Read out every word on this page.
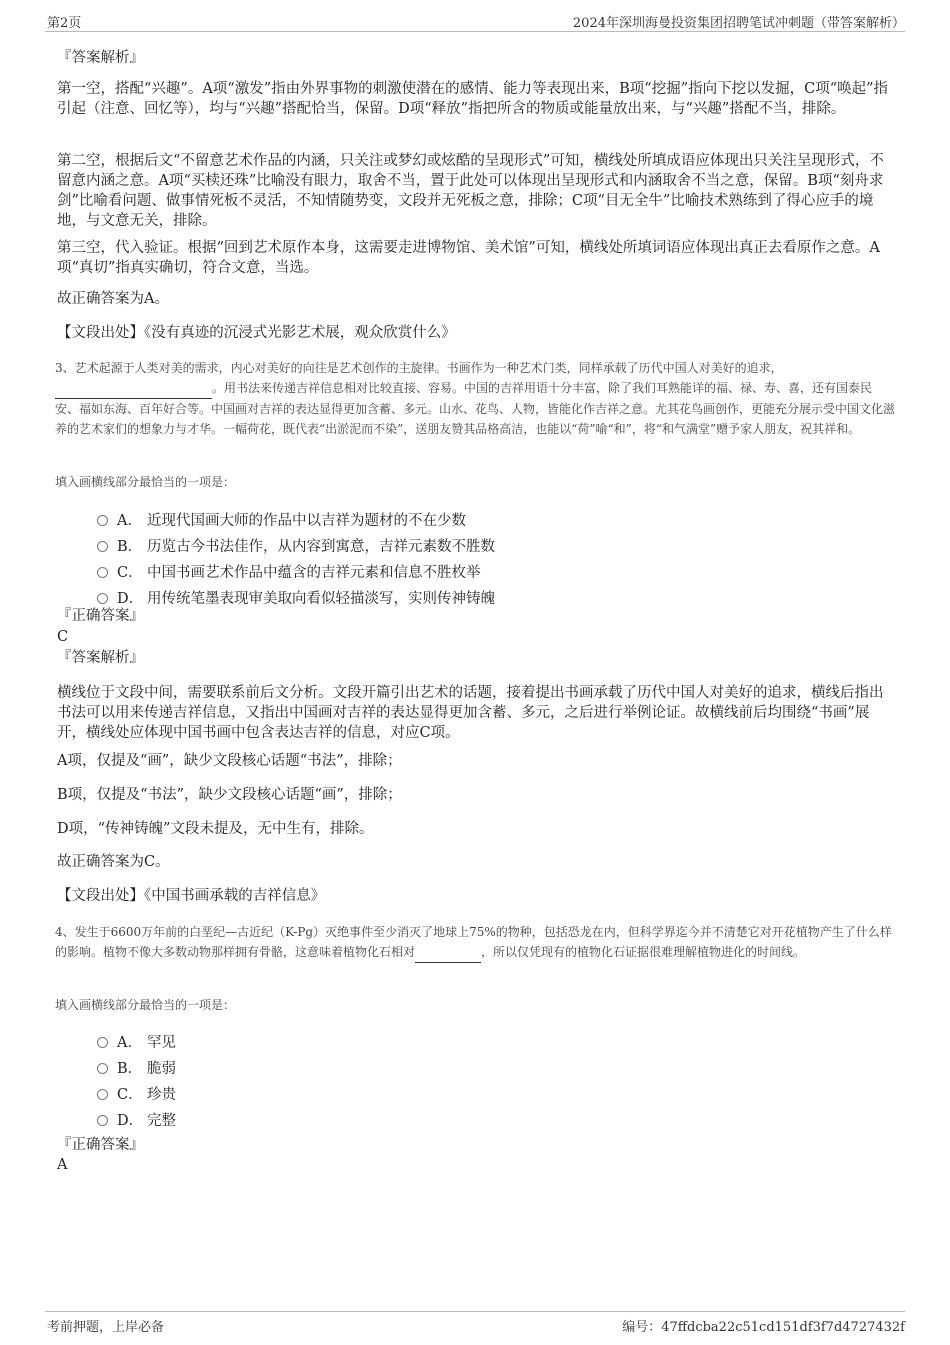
第2页	2024年深圳海曼投资集团招聘笔试冲刺题（带答案解析）
『答案解析』
第一空，搭配“兴趣”。A项“激发”指由外界事物的刺激使潜在的感情、能力等表现出来，B项“挖掘”指向下挖以发掘，C项“唤起”指引起（注意、回忆等），均与“兴趣”搭配恰当，保留。D项“释放”指把所含的物质或能量放出来，与“兴趣”搭配不当，排除。
第二空，根据后文“不留意艺术作品的内涵，只关注或梦幻或炫酷的呈现形式”可知，横线处所填成语应体现出只关注呈现形式，不留意内涵之意。A项“买椟还珠”比喻没有眼力，取舍不当，置于此处可以体现出呈现形式和内涵取舍不当之意，保留。B项“刻舟求剑”比喻看问题、做事情死板不灵活，不知情随势变，文段并无死板之意，排除；C项“目无全牛”比喻技术熟练到了得心应手的境地，与文意无关，排除。
第三空，代入验证。根据“回到艺术原作本身，这需要走进博物馆、美术馆”可知，横线处所填词语应体现出真正去看原作之意。A项“真切”指真实确切，符合文意，当选。
故正确答案为A。
【文段出处】《没有真迹的沉浸式光影艺术展，观众欣赏什么》
3、艺术起源于人类对美的需求，内心对美好的向往是艺术创作的主旋律。书画作为一种艺术门类，同样承载了历代中国人对美好的追求， 。用书法来传递吉祥信息相对比较直接、容易。中国的吉祥用语十分丰富，除了我们耳熟能详的福、禄、寿、喜，还有国泰民安、福如东海、百年好合等。中国画对吉祥的表达显得更加含蓄、多元。山水、花鸟、人物，皆能化作吉祥之意。尤其花鸟画创作，更能充分展示受中国文化滋养的艺术家们的想象力与才华。一幅荷花，既代表“出淤泥而不染”，送朋友赞其品格高洁，也能以“荷”喻“和”，将“和气满堂”赠予家人朋友，祝其祥和。
填入画横线部分最恰当的一项是：
A． 近现代国画大师的作品中以吉祥为题材的不在少数
B． 历览古今书法佳作，从内容到寓意，吉祥元素数不胜数
C． 中国书画艺术作品中蕴含的吉祥元素和信息不胜枚举
D． 用传统笔墨表现审美取向看似轻描淡写，实则传神铸魄
『正确答案』
C
『答案解析』
横线位于文段中间，需要联系前后文分析。文段开篇引出艺术的话题，接着提出书画承载了历代中国人对美好的追求，横线后指出书法可以用来传递吉祥信息，又指出中国画对吉祥的表达显得更加含蓄、多元，之后进行举例论证。故横线前后均围绕“书画”展开，横线处应体现中国书画中包含表达吉祥的信息，对应C项。
A项，仅提及“画”，缺少文段核心话题“书法”，排除；
B项，仅提及“书法”，缺少文段核心话题“画”，排除；
D项，“传神铸魄”文段未提及，无中生有，排除。
故正确答案为C。
【文段出处】《中国书画承载的吉祥信息》
4、发生于6600万年前的白垩纪—古近纪（K-Pg）灭绝事件至少消灭了地球上75%的物种，包括恐龙在内，但科学界迄今并不清楚它对开花植物产生了什么样的影响。植物不像大多数动物那样拥有骨骼，这意味着植物化石相对	，所以仅凭现有的植物化石证据很难理解植物进化的时间线。
填入画横线部分最恰当的一项是：
A． 罕见
B． 脆弱
C． 珍贵
D． 完整
『正确答案』
A
考前押题，上岸必备	编号：47ffdcba22c51cd151df3f7d4727432f
